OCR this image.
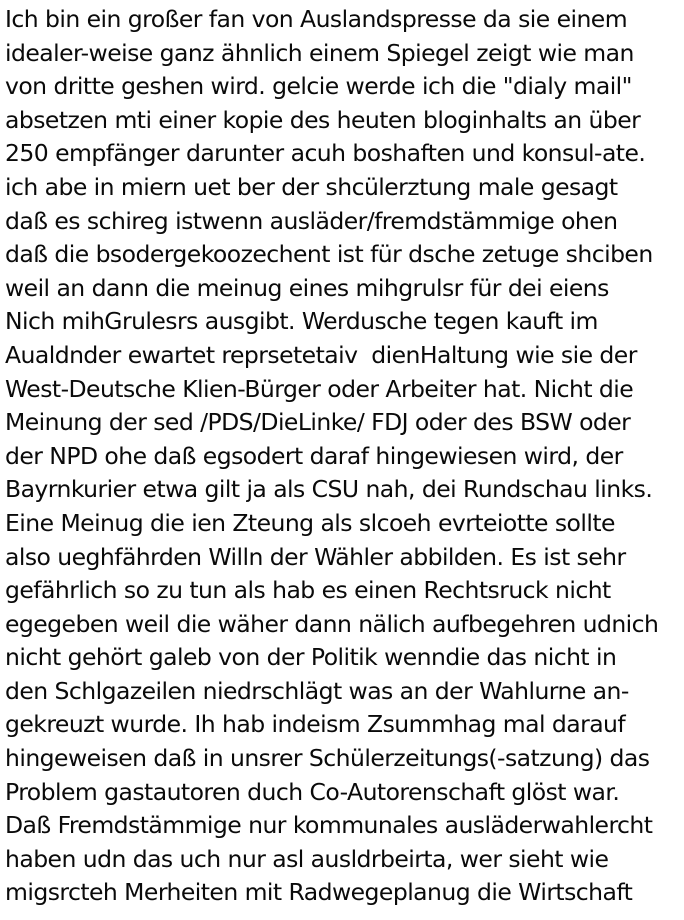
Ich bin ein großer fan von Auslandspresse da sie einem
idealer-weise ganz ähnlich einem Spiegel zeigt wie man
von dritte geshen wird. gelcie werde ich die "dialy mail"
absetzen mti einer kopie des heuten bloginhalts an über
250 empfänger darunter acuh boshaften und konsul-ate.
ich abe in miern uet ber der shcülerztung male gesagt
daß es schireg istwenn ausläder/fremdstämmige ohen
daß die bsodergekoozechent ist für dsche zetuge shciben
weil an dann die meinug eines mihgrulsr für dei eiens
Nich mihGrulesrs ausgibt. Werdusche tegen kauft im
Aualdnder ewartet reprsetetaiv  dienHaltung wie sie der
West-Deutsche Klien-Bürger oder Arbeiter hat. Nicht die
Meinung der sed /PDS/DieLinke/ FDJ oder des BSW oder
der NPD ohe daß egsodert daraf hingewiesen wird, der
Bayrnkurier etwa gilt ja als CSU nah, dei Rundschau links.
Eine Meinug die ien Zteung als slcoeh evrteiotte sollte
also ueghfährden Willn der Wähler abbilden. Es ist sehr
gefährlich so zu tun als hab es einen Rechtsruck nicht
egegeben weil die wäher dann nälich aufbegehren udnich
nicht gehört galeb von der Politik wenndie das nicht in
den Schlgazeilen niedrschlägt was an der Wahlurne an-
gekreuzt wurde. Ih hab indeism Zsummhag mal darauf
hingeweisen daß in unsrer Schülerzeitungs(-satzung) das
Problem gastautoren duch Co-Autorenschaft glöst war.
Daß Fremdstämmige nur kommunales ausläderwahlercht
haben udn das uch nur asl ausldrbeirta, wer sieht wie
migsrcteh Merheiten mit Radwegeplanug die Wirtschaft
